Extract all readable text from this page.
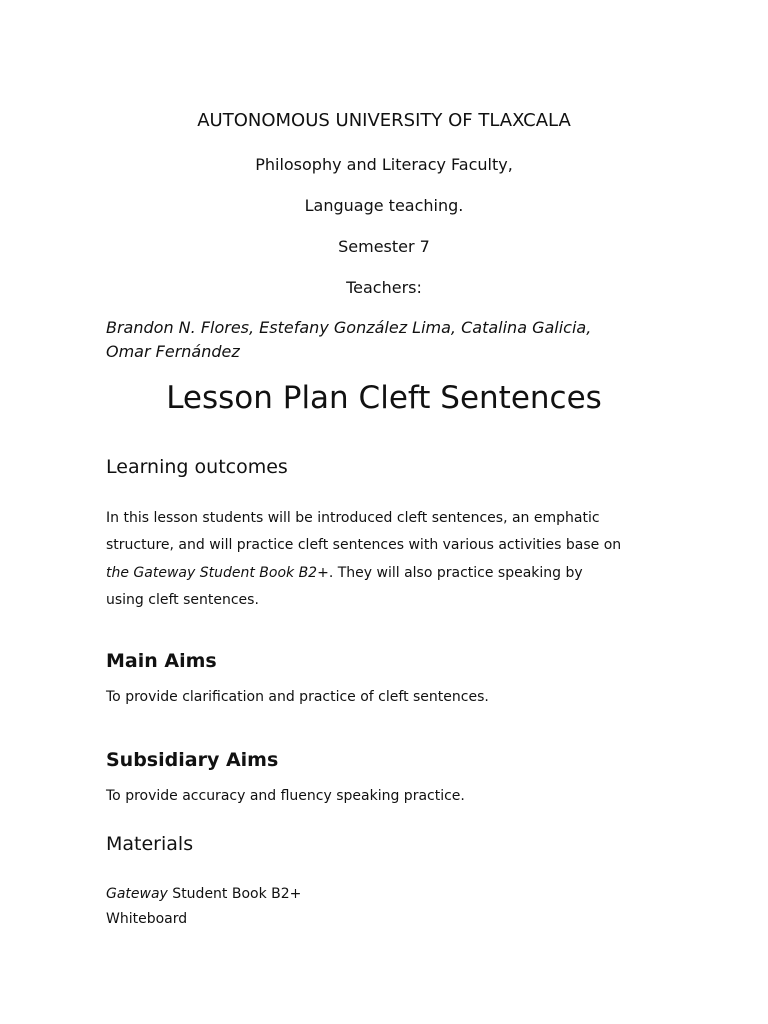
AUTONOMOUS UNIVERSITY OF TLAXCALA

Philosophy and Literacy Faculty,

Language teaching.

Semester 7

Teachers:

Brandon N. Flores, Estefany González Lima, Catalina Galicia,

Omar Fernández

Lesson Plan Cleft Sentences
Learning outcomes

In this lesson students will be introduced cleft sentences, an emphatic

structure, and will practice cleft sentences with various activities base on

the Gateway Student Book B2+. They will also practice speaking by

using cleft sentences.

Main Aims

To provide clarification and practice of cleft sentences.

Subsidiary Aims

To provide accuracy and fluency speaking practice.

Materials

Gateway Student Book B2+

Whiteboard
